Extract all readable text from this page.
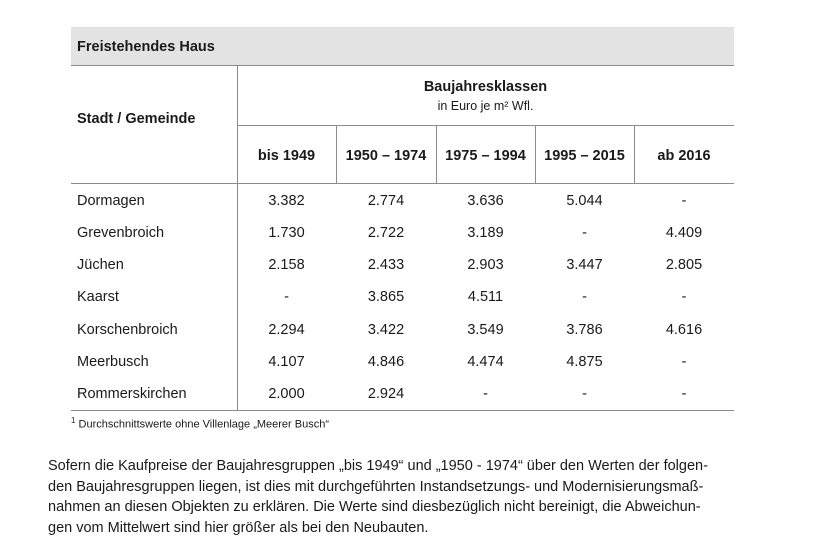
Freistehendes Haus
Stadt / Gemeinde
Baujahresklassen
in Euro je m² Wfl.
bis 1949	1950 – 1974	1975 – 1994	1995 – 2015	ab 2016
Dormagen	3.382	2.774	3.636	5.044	-
Grevenbroich	1.730	2.722	3.189	-	4.409
Jüchen	2.158	2.433	2.903	3.447	2.805
Kaarst	-	3.865	4.511	-	-
Korschenbroich	2.294	3.422	3.549	3.786	4.616
Meerbusch	4.107	4.846	4.474	4.875	-
Rommerskirchen	2.000	2.924	-	-	-
$^1$ Durchschnittswerte ohne Villenlage „Meerer Busch“
Sofern die Kaufpreise der Baujahresgruppen „bis 1949“ und „1950 - 1974“ über den Werten der folgen-
den Baujahresgruppen liegen, ist dies mit durchgeführten Instandsetzungs- und Modernisierungsmaß-
nahmen an diesen Objekten zu erklären. Die Werte sind diesbezüglich nicht bereinigt, die Abweichun-
gen vom Mittelwert sind hier größer als bei den Neubauten.
